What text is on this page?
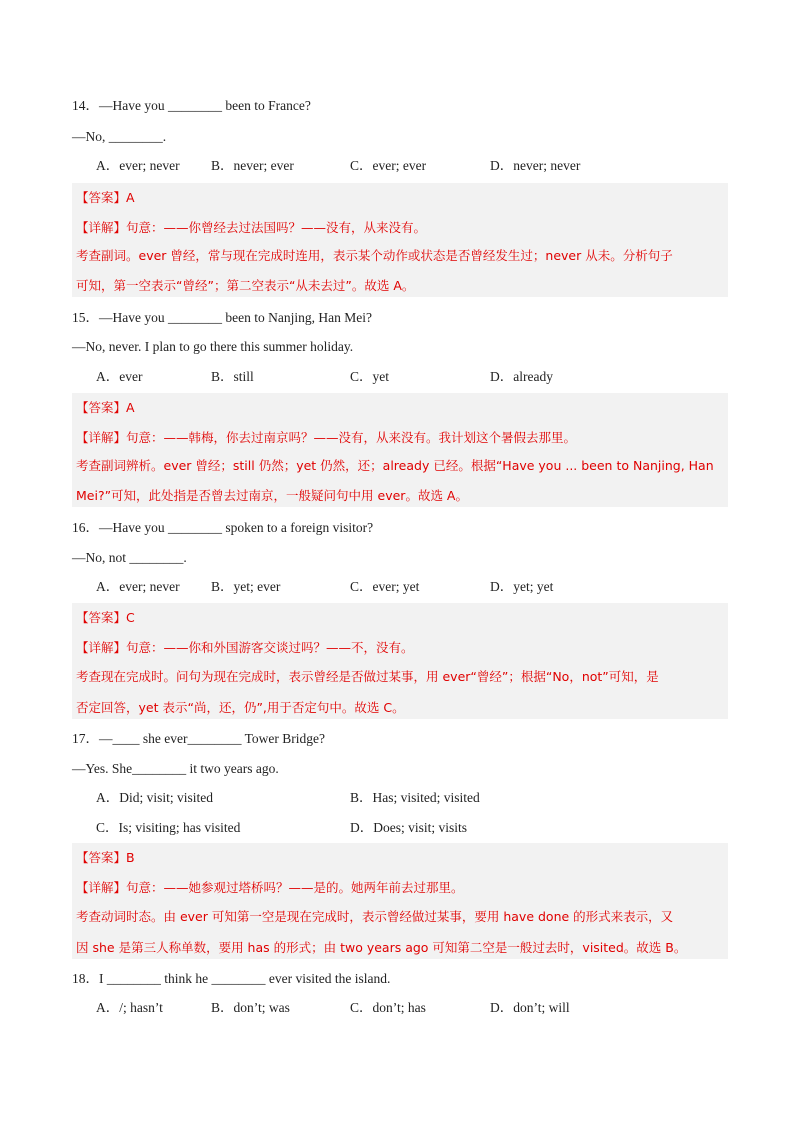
14．—Have you ________ been to France?
—No, ________.
A．ever; never B．never; ever	C．ever; ever	D．never; never
【答案】A
【详解】句意：——你曾经去过法国吗？——没有，从来没有。
考查副词。ever 曾经，常与现在完成时连用，表示某个动作或状态是否曾经发生过；never 从未。分析句子
可知，第一空表示“曾经”；第二空表示“从未去过”。故选 A。
15．—Have you ________ been to Nanjing, Han Mei?
—No, never. I plan to go there this summer holiday.
A．ever	B．still	C．yet	D．already
【答案】A
【详解】句意：——韩梅，你去过南京吗？——没有，从来没有。我计划这个暑假去那里。
考查副词辨析。ever 曾经；still 仍然；yet 仍然，还；already 已经。根据“Have you ... been to Nanjing, Han
Mei?”可知，此处指是否曾去过南京，一般疑问句中用 ever。故选 A。
16．—Have you ________ spoken to a foreign visitor?
—No, not ________.
A．ever; never B．yet; ever	C．ever; yet	D．yet; yet
【答案】C
【详解】句意：——你和外国游客交谈过吗？——不，没有。
考查现在完成时。问句为现在完成时，表示曾经是否做过某事，用 ever“曾经”；根据“No，not”可知，是
否定回答，yet 表示“尚，还，仍”,用于否定句中。故选 C。
17．—____ she ever________ Tower Bridge?
—Yes. She________ it two years ago.
A．Did; visit; visited	B．Has; visited; visited
C．Is; visiting; has visited	D．Does; visit; visits
【答案】B
【详解】句意：——她参观过塔桥吗？——是的。她两年前去过那里。
考查动词时态。由 ever 可知第一空是现在完成时，表示曾经做过某事，要用 have done 的形式来表示，又
因 she 是第三人称单数，要用 has 的形式；由 two years ago 可知第二空是一般过去时，visited。故选 B。
18．I ________ think he ________ ever visited the island.
A．/; hasn’t	B．don’t; was	C．don’t; has	D．don’t; will
